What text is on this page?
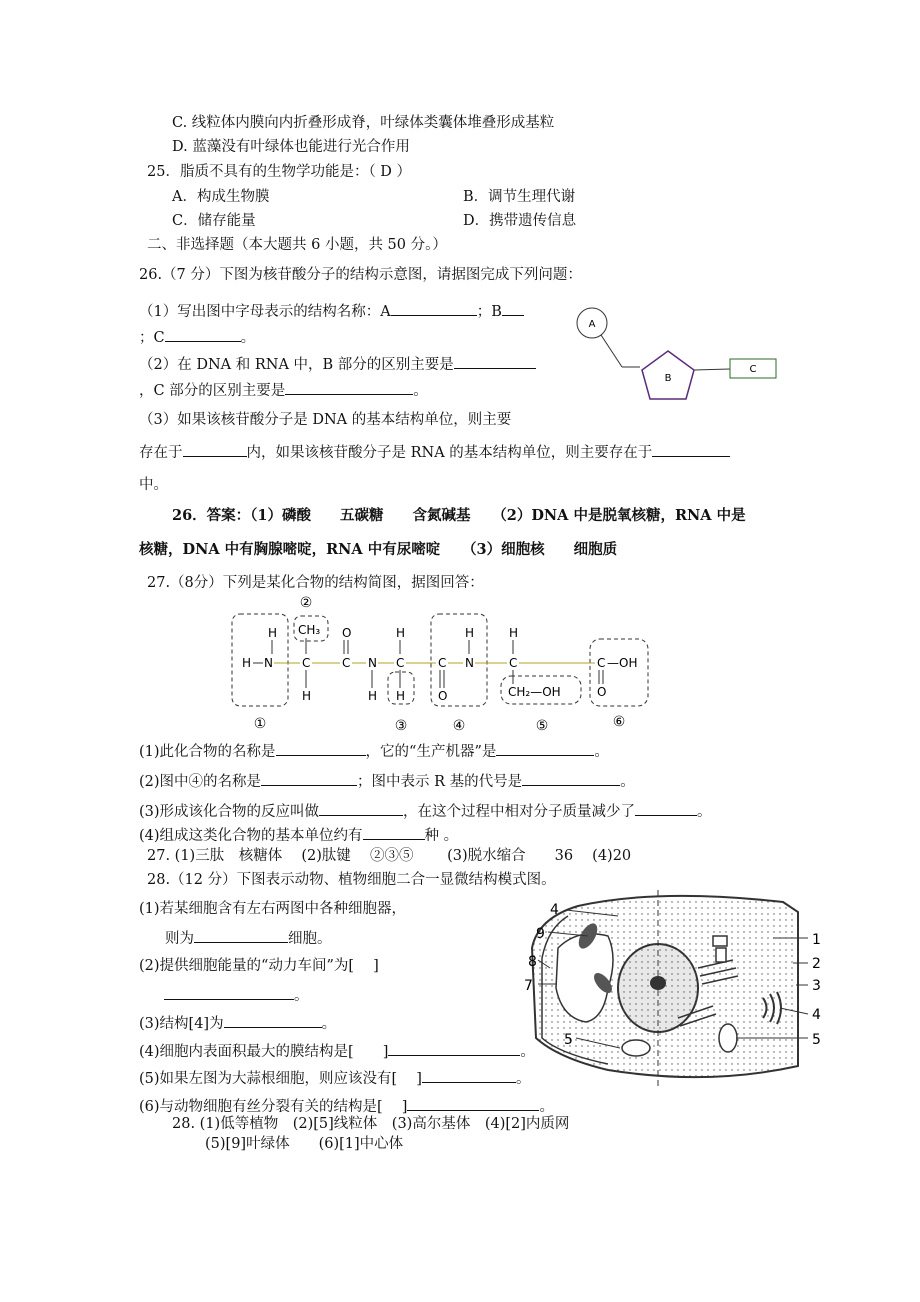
C. 线粒体内膜向内折叠形成脊，叶绿体类囊体堆叠形成基粒
D. 蓝藻没有叶绿体也能进行光合作用
25．脂质不具有的生物学功能是：（ D ）
A．构成生物膜	B．调节生理代谢
C．储存能量	D．携带遗传信息
二、非选择题（本大题共 6 小题，共 50 分。）
26.（7 分）下图为核苷酸分子的结构示意图，请据图完成下列问题：
（1）写出图中字母表示的结构名称：A	；B
；C	。
（2）在 DNA 和 RNA 中，B 部分的区别主要是
，C 部分的区别主要是	。
（3）如果该核苷酸分子是 DNA 的基本结构单位，则主要
存在于	内，如果该核苷酸分子是 RNA 的基本结构单位，则主要存在于
中。
A
B
C
26．答案：（1）磷酸　　五碳糖　　含氮碱基　　（2）DNA 中是脱氧核糖，RNA 中是
核糖，DNA 中有胸腺嘧啶，RNA 中有尿嘧啶　　（3）细胞核　　细胞质
27.（8分）下列是某化合物的结构简图，据图回答：
②
H
H N
CH₃
C
H
O
C N
H
H
C
H
H
C N
O
H
C
CH₂—OH
C —OH
O
①	③	④	⑤	⑥
(1)此化合物的名称是	，它的“生产机器”是	。
(2)图中④的名称是	；图中表示 R 基的代号是	。
(3)形成该化合物的反应叫做	，在这个过程中相对分子质量减少了	。
(4)组成这类化合物的基本单位约有	种 。
27. (1)三肽　核糖体　 (2)肽键　 ②③⑤　　 (3)脱水缩合　　36　 (4)20
28.（12 分）下图表示动物、植物细胞二合一显微结构模式图。
(1)若某细胞含有左右两图中各种细胞器，
则为	细胞。
(2)提供细胞能量的“动力车间”为[　 ]
。
(3)结构[4]为	。
(4)细胞内表面积最大的膜结构是[　　]	。
(5)如果左图为大蒜根细胞，则应该没有[　 ]	。
(6)与动物细胞有丝分裂有关的结构是[　 ]	。
28. (1)低等植物　(2)[5]线粒体　(3)高尔基体　(4)[2]内质网
(5)[9]叶绿体　　(6)[1]中心体
4
9
8
7
1
2
3
4
5
5
